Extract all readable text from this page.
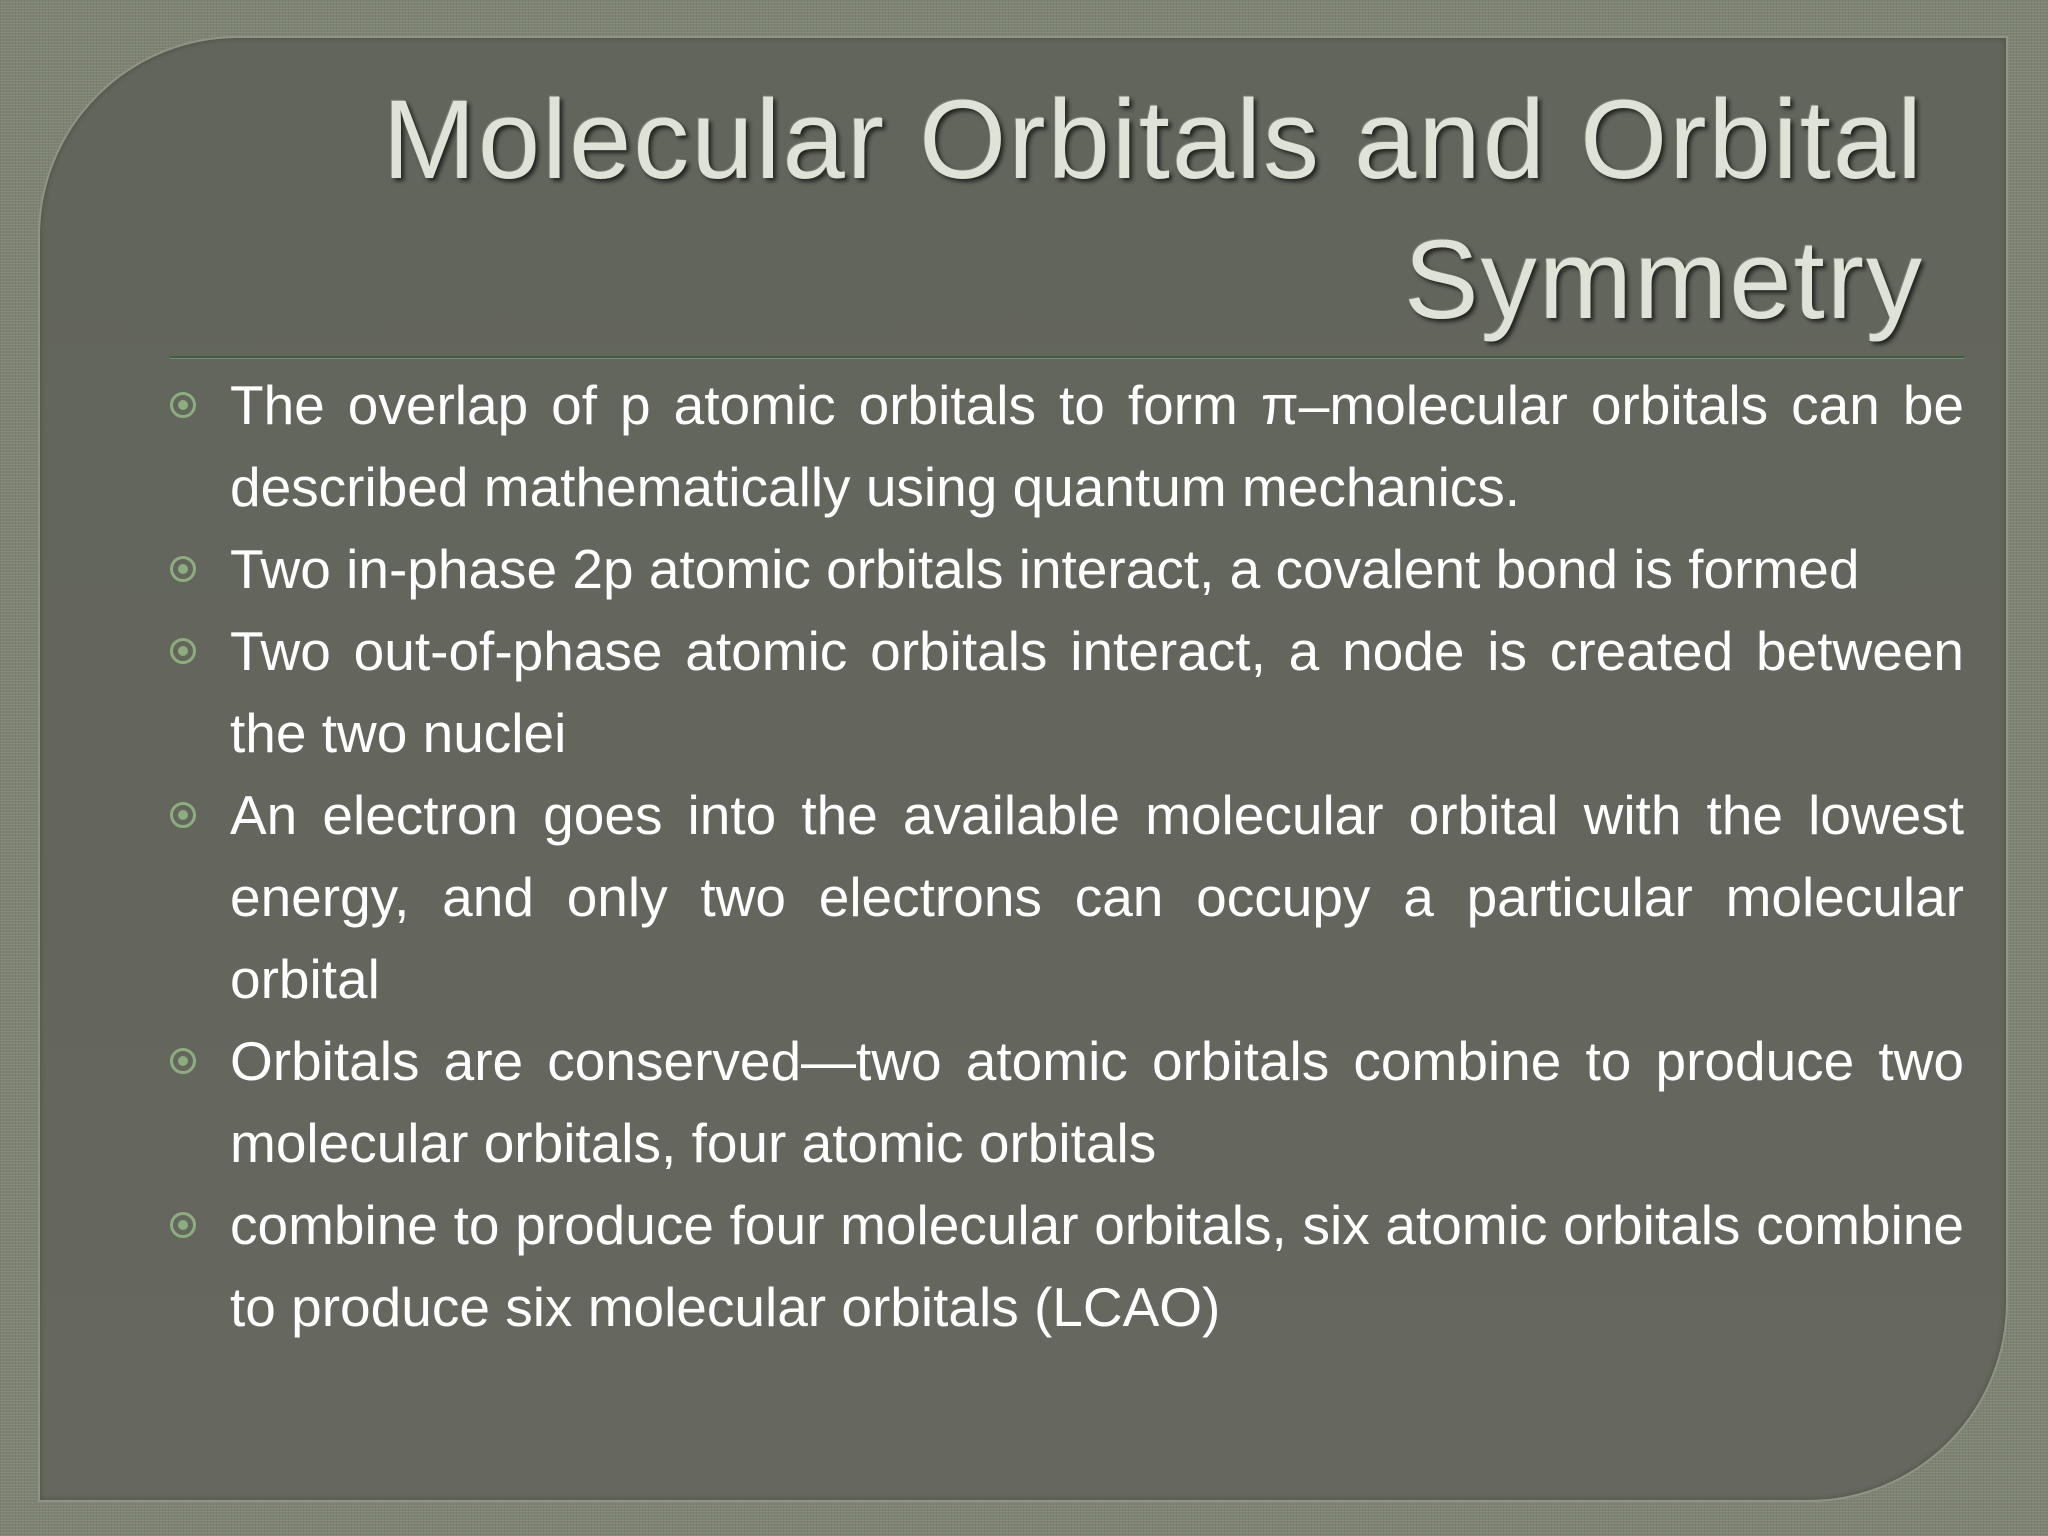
Molecular Orbitals and Orbital Symmetry
The overlap of p atomic orbitals to form π–molecular orbitals can be described mathematically using quantum mechanics.
Two in-phase 2p atomic orbitals interact, a covalent bond is formed
Two out-of-phase atomic orbitals interact, a node is created between the two nuclei
An electron goes into the available molecular orbital with the lowest energy, and only two electrons can occupy a particular molecular orbital
Orbitals are conserved—two atomic orbitals combine to produce two molecular orbitals, four atomic orbitals
combine to produce four molecular orbitals, six atomic orbitals combine to produce six molecular orbitals (LCAO)
